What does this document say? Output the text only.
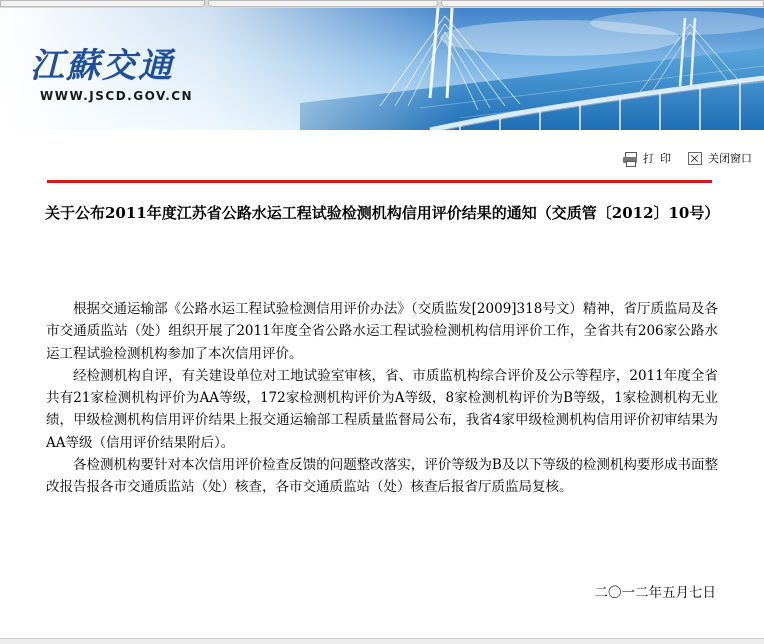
江蘇交通
WWW.JSCD.GOV.CN
打印	关闭窗口
关于公布2011年度江苏省公路水运工程试验检测机构信用评价结果的通知（交质管〔2012〕10号）

根据交通运输部《公路水运工程试验检测信用评价办法》（交质监发[2009]318号文）精神，省厅质监局及各市交通质监站（处）组织开展了2011年度全省公路水运工程试验检测机构信用评价工作，全省共有206家公路水运工程试验检测机构参加了本次信用评价。

经检测机构自评，有关建设单位对工地试验室审核，省、市质监机构综合评价及公示等程序，2011年度全省共有21家检测机构评价为AA等级，172家检测机构评价为A等级，8家检测机构评价为B等级，1家检测机构无业绩，甲级检测机构信用评价结果上报交通运输部工程质量监督局公布，我省4家甲级检测机构信用评价初审结果为AA等级（信用评价结果附后）。

各检测机构要针对本次信用评价检查反馈的问题整改落实，评价等级为B及以下等级的检测机构要形成书面整改报告报各市交通质监站（处）核查，各市交通质监站（处）核查后报省厅质监局复核。

二〇一二年五月七日
